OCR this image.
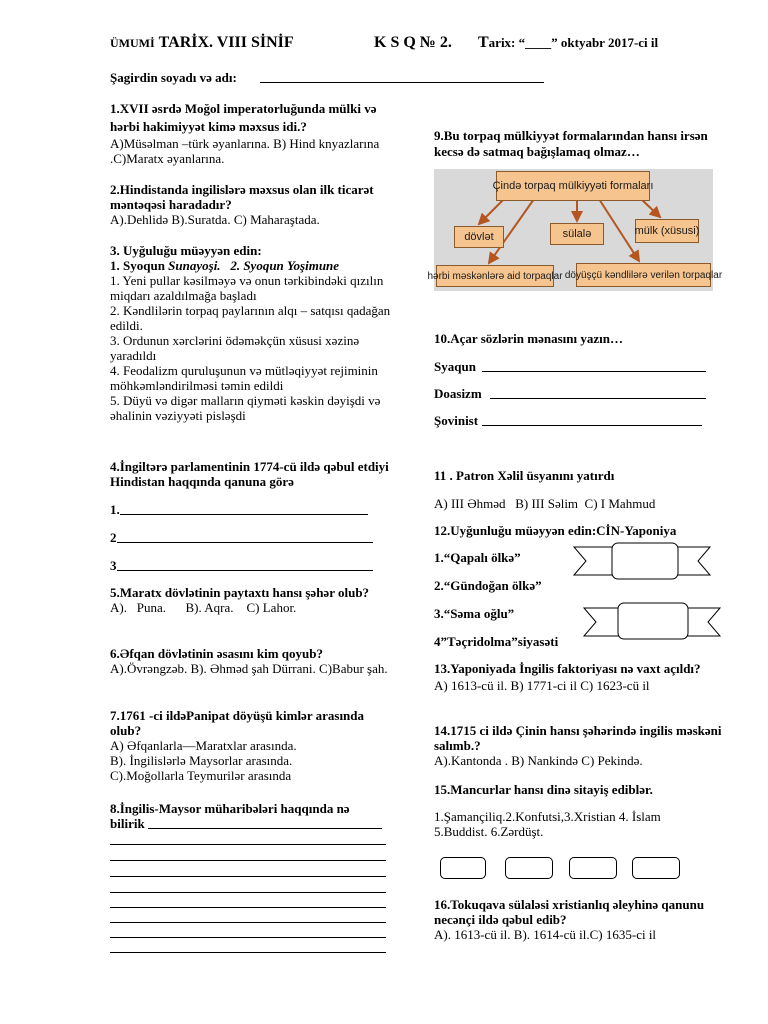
ÜMUMİ TARİX. VIII SİNİF	K S Q № 2. Tarix: “____” oktyabr 2017-ci il
Şagirdin soyadı və adı:
1.XVII əsrdə Moğol imperatorluğunda mülki və hərbi hakimiyyət kimə məxsus idi.?
A)Müsəlman –türk əyanlarına. B) Hind knyazlarına .C)Maratx əyanlarına.
2.Hindistanda ingilislərə məxsus olan ilk ticarət məntəqəsi haradadır?
A).Dehlidə B).Suratda. C) Maharaştada.
3. Uyğuluğu müəyyən edin:
1. Syoqun Sunayoşi. 2. Syoqun Yoşimune
1. Yeni pullar kəsilməyə və onun tərkibindəki qızılın miqdarı azaldılmağa başladı
2. Kəndlilərin torpaq paylarının alqı – satqısı qadağan edildi.
3. Ordunun xərclərini ödəməkçün xüsusi xəzinə yaradıldı
4. Feodalizm quruluşunun və mütləqiyyət rejiminin möhkəmləndirilməsi təmin edildi
5. Düyü və digər malların qiyməti kəskin dəyişdi və əhalinin vəziyyəti pisləşdi
4.İngiltərə parlamentinin 1774-cü ildə qəbul etdiyi Hindistan haqqında qanuna görə
1.
2
3
5.Maratx dövlətinin paytaxtı hansı şəhər olub?
A).   Puna.      B). Aqra.    C) Lahor.
6.Əfqan dövlətinin əsasını kim qoyub?
A).Övrəngzəb. B). Əhməd şah Dürrani. C)Babur şah.
7.1761 -ci ildəPanipat döyüşü kimlər arasında olub?
A) Əfqanlarla—Maratxlar arasında.
B). İngilislərlə Maysorlar arasında.
C).Moğollarla Teymurilər arasında
8.İngilis-Maysor müharibələri haqqında nə
bilirik
9.Bu torpaq mülkiyyət formalarından hansı irsən kecsə də satmaq bağışlamaq olmaz…
Çində torpaq mülkiyyəti formaları
dövlət	sülalə	mülk (xüsusi)
hərbi məskənlərə aid torpaqlar döyüşçü kəndlilərə verilən torpaqlar
10.Açar sözlərin mənasını yazın…
Syaqun
Doasizm
Şovinist
11 . Patron Xəlil üsyanını yatırdı
A) III Əhməd   B) III Səlim  C) I Mahmud
12.Uyğunluğu müəyyən edin:CİN-Yaponiya
1.“Qapalı ölkə”
2.“Gündoğan ölkə”
3.“Səma oğlu”
4”Təçridolma”siyasəti
13.Yaponiyada İngilis faktoriyası nə vaxt açıldı?
A) 1613-cü il. B) 1771-ci il C) 1623-cü il
14.1715 ci ildə Çinin hansı şəhərində ingilis məskəni salımb.?
A).Kantonda . B) Nankində C) Pekində.
15.Mancurlar hansı dinə sitayiş ediblər.
1.Şamançiliq.2.Konfutsi,3.Xristian 4. İslam
5.Buddist. 6.Zərdüşt.
16.Tokuqava sülaləsi xristianlıq əleyhinə qanunu necənçi ildə qəbul edib?
A). 1613-cü il. B). 1614-cü il.C) 1635-ci il
